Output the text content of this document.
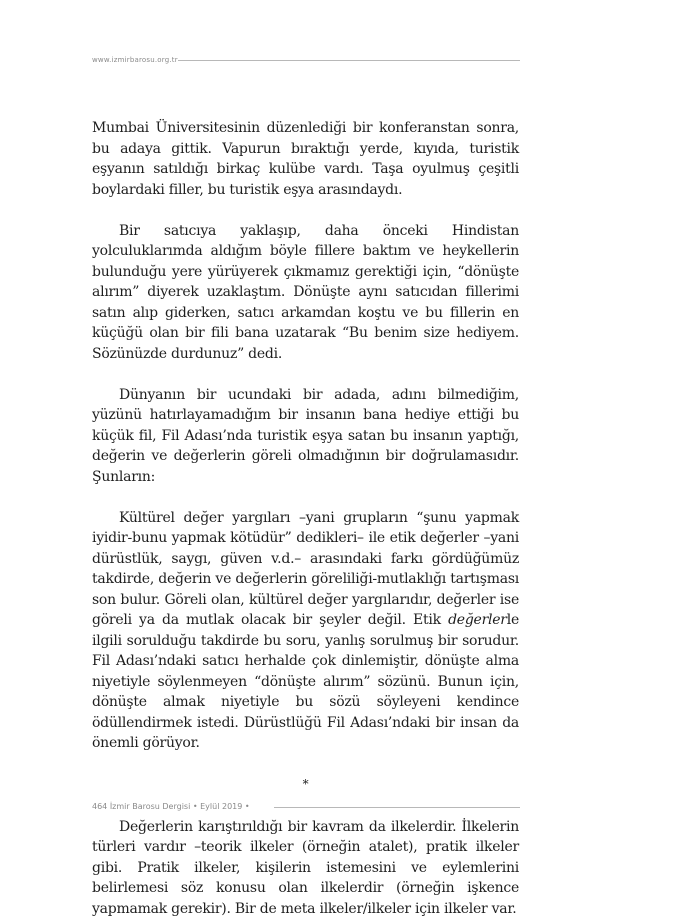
www.izmirbarosu.org.tr

Mumbai Üniversitesinin düzenlediği bir konferanstan sonra, bu adaya gittik. Vapurun bıraktığı yerde, kıyıda, turistik eşyanın satıldığı birkaç kulübe vardı. Taşa oyulmuş çeşitli boylardaki filler, bu turistik eşya arasındaydı.

Bir satıcıya yaklaşıp, daha önceki Hindistan yolculuklarımda aldığım böyle fillere baktım ve heykellerin bulunduğu yere yürüyerek çıkmamız gerektiği için, “dönüşte alırım” diyerek uzaklaştım. Dönüşte aynı satıcıdan fillerimi satın alıp giderken, satıcı arkamdan koştu ve bu fillerin en küçüğü olan bir fili bana uzatarak “Bu benim size hediyem. Sözünüzde durdunuz” dedi.

Dünyanın bir ucundaki bir adada, adını bilmediğim, yüzünü hatırlayamadığım bir insanın bana hediye ettiği bu küçük fil, Fil Adası’nda turistik eşya satan bu insanın yaptığı, değerin ve değerlerin göreli olmadığının bir doğrulamasıdır. Şunların:

Kültürel değer yargıları –yani grupların “şunu yapmak iyidir-bunu yapmak kötüdür” dedikleri– ile etik değerler –yani dürüstlük, saygı, güven v.d.– arasındaki farkı gördüğümüz takdirde, değerin ve değerlerin göreliliği-mutlaklığı tartışması son bulur. Göreli olan, kültürel değer yargılarıdır, değerler ise göreli ya da mutlak olacak bir şeyler değil. Etik değerlerle ilgili sorulduğu takdirde bu soru, yanlış sorulmuş bir sorudur. Fil Adası’ndaki satıcı herhalde çok dinlemiştir, dönüşte alma niyetiyle söylenmeyen “dönüşte alırım” sözünü. Bunun için, dönüşte almak niyetiyle bu sözü söyleyeni kendince ödüllendirmek istedi. Dürüstlüğü Fil Adası’ndaki bir insan da önemli görüyor.

*

Değerlerin karıştırıldığı bir kavram da ilkelerdir. İlkelerin türleri vardır –teorik ilkeler (örneğin atalet), pratik ilkeler gibi. Pratik ilkeler, kişilerin istemesini ve eylemlerini belirlemesi söz konusu olan ilkelerdir (örneğin işkence yapmamak gerekir). Bir de meta ilkeler/ilkeler için ilkeler var.

464 İzmir Barosu Dergisi • Eylül 2019 •
